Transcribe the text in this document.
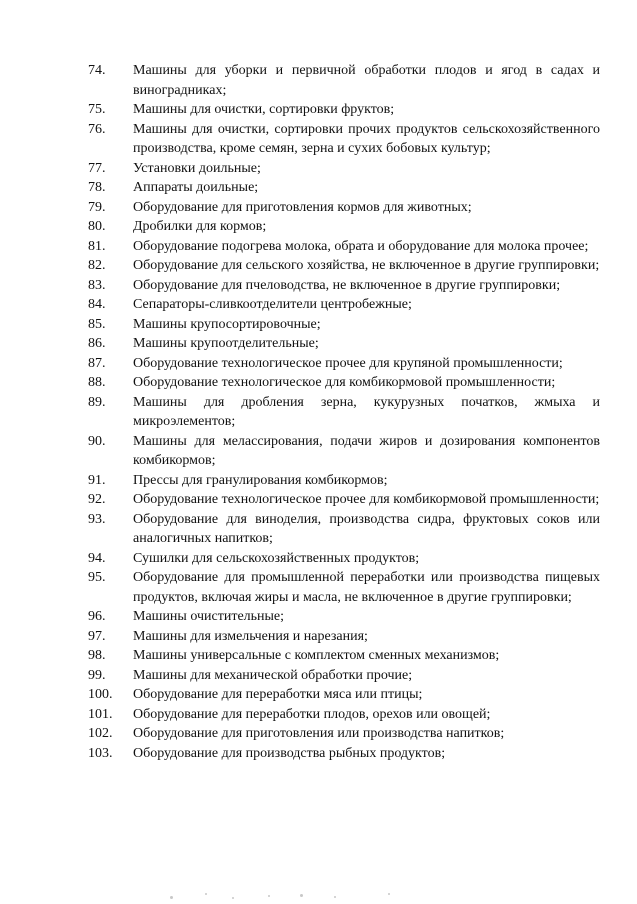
74. Машины для уборки и первичной обработки плодов и ягод в садах и виноградниках;
75. Машины для очистки, сортировки фруктов;
76. Машины для очистки, сортировки прочих продуктов сельскохозяйственного производства, кроме семян, зерна и сухих бобовых культур;
77. Установки доильные;
78. Аппараты доильные;
79. Оборудование для приготовления кормов для животных;
80. Дробилки для кормов;
81. Оборудование подогрева молока, обрата и оборудование для молока прочее;
82. Оборудование для сельского хозяйства, не включенное в другие группировки;
83. Оборудование для пчеловодства, не включенное в другие группировки;
84. Сепараторы-сливкоотделители центробежные;
85. Машины крупосортировочные;
86. Машины крупоотделительные;
87. Оборудование технологическое прочее для крупяной промышленности;
88. Оборудование технологическое для комбикормовой промышленности;
89. Машины для дробления зерна, кукурузных початков, жмыха и микроэлементов;
90. Машины для мелассирования, подачи жиров и дозирования компонентов комбикормов;
91. Прессы для гранулирования комбикормов;
92. Оборудование технологическое прочее для комбикормовой промышленности;
93. Оборудование для виноделия, производства сидра, фруктовых соков или аналогичных напитков;
94. Сушилки для сельскохозяйственных продуктов;
95. Оборудование для промышленной переработки или производства пищевых продуктов, включая жиры и масла, не включенное в другие группировки;
96. Машины очистительные;
97. Машины для измельчения и нарезания;
98. Машины универсальные с комплектом сменных механизмов;
99. Машины для механической обработки прочие;
100. Оборудование для переработки мяса или птицы;
101. Оборудование для переработки плодов, орехов или овощей;
102. Оборудование для приготовления или производства напитков;
103. Оборудование для производства рыбных продуктов;
